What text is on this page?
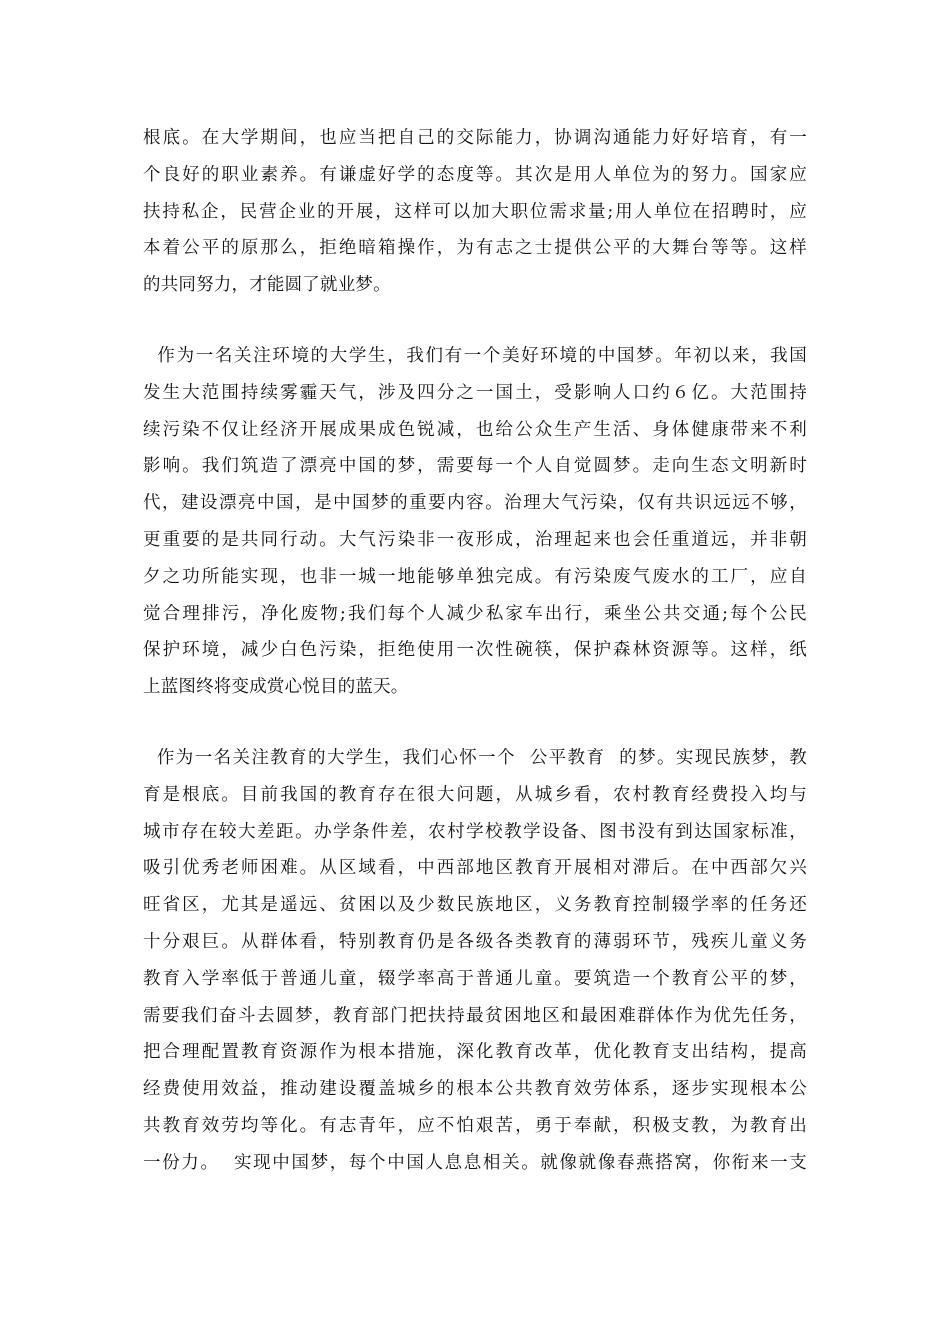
根底。在大学期间，也应当把自己的交际能力，协调沟通能力好好培育，有一
个良好的职业素养。有谦虚好学的态度等。其次是用人单位为的努力。国家应
扶持私企，民营企业的开展，这样可以加大职位需求量;用人单位在招聘时，应
本着公平的原那么，拒绝暗箱操作，为有志之士提供公平的大舞台等等。这样
的共同努力，才能圆了就业梦。
作为一名关注环境的大学生，我们有一个美好环境的中国梦。年初以来，我国
发生大范围持续雾霾天气，涉及四分之一国土，受影响人口约６亿。大范围持
续污染不仅让经济开展成果成色锐减，也给公众生产生活、身体健康带来不利
影响。我们筑造了漂亮中国的梦，需要每一个人自觉圆梦。走向生态文明新时
代，建设漂亮中国，是中国梦的重要内容。治理大气污染，仅有共识远远不够，
更重要的是共同行动。大气污染非一夜形成，治理起来也会任重道远，并非朝
夕之功所能实现，也非一城一地能够单独完成。有污染废气废水的工厂，应自
觉合理排污，净化废物;我们每个人减少私家车出行，乘坐公共交通;每个公民
保护环境，减少白色污染，拒绝使用一次性碗筷，保护森林资源等。这样，纸
上蓝图终将变成赏心悦目的蓝天。
作为一名关注教育的大学生，我们心怀一个  公平教育  的梦。实现民族梦，教
育是根底。目前我国的教育存在很大问题，从城乡看，农村教育经费投入均与
城市存在较大差距。办学条件差，农村学校教学设备、图书没有到达国家标准，
吸引优秀老师困难。从区域看，中西部地区教育开展相对滞后。在中西部欠兴
旺省区，尤其是遥远、贫困以及少数民族地区，义务教育控制辍学率的任务还
十分艰巨。从群体看，特别教育仍是各级各类教育的薄弱环节，残疾儿童义务
教育入学率低于普通儿童，辍学率高于普通儿童。要筑造一个教育公平的梦，
需要我们奋斗去圆梦，教育部门把扶持最贫困地区和最困难群体作为优先任务，
把合理配置教育资源作为根本措施，深化教育改革，优化教育支出结构，提高
经费使用效益，推动建设覆盖城乡的根本公共教育效劳体系，逐步实现根本公
共教育效劳均等化。有志青年，应不怕艰苦，勇于奉献，积极支教，为教育出
一份力。  实现中国梦，每个中国人息息相关。就像就像春燕搭窝，你衔来一支
